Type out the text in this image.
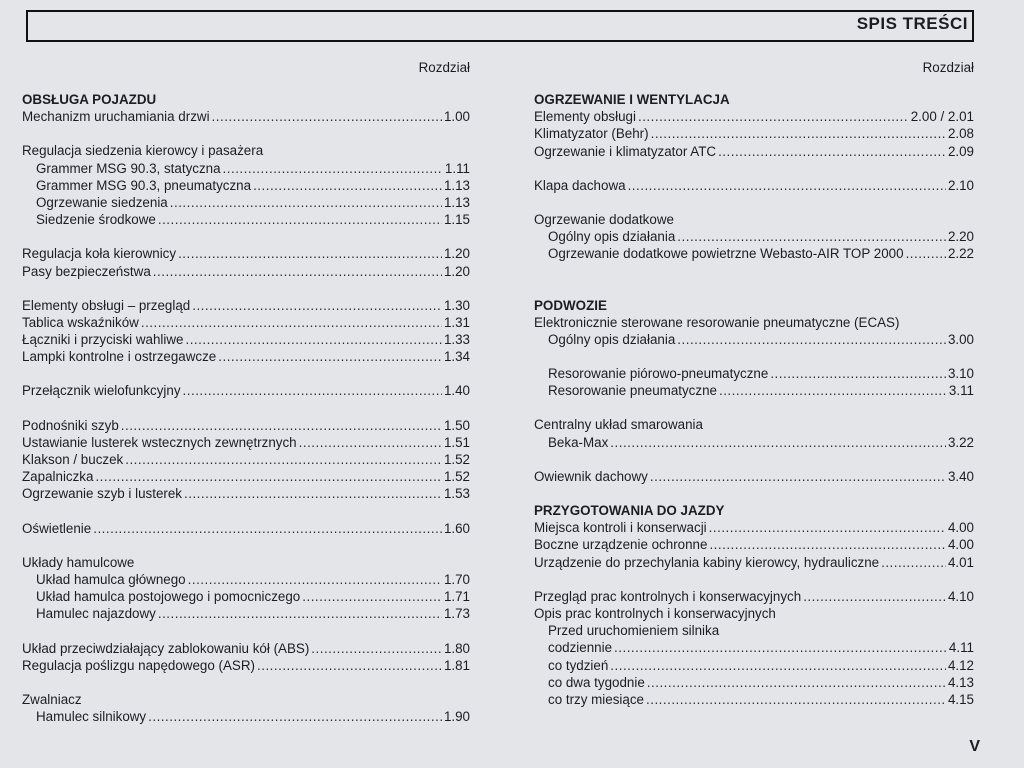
SPIS TREŚCI
Rozdział
OBSŁUGA POJAZDU
Mechanizm uruchamiania drzwi .....	1.00
Regulacja siedzenia kierowcy i pasażera
Grammer MSG 90.3, statyczna .....	1.11
Grammer MSG 90.3, pneumatyczna .....	1.13
Ogrzewanie siedzenia .....	1.13
Siedzenie środkowe .....	1.15
Regulacja koła kierownicy .....	1.20
Pasy bezpieczeństwa .....	1.20
Elementy obsługi – przegląd .....	1.30
Tablica wskaźników .....	1.31
Łączniki i przyciski wahliwe .....	1.33
Lampki kontrolne i ostrzegawcze .....	1.34
Przełącznik wielofunkcyjny .....	1.40
Podnośniki szyb .....	1.50
Ustawianie lusterek wstecznych zewnętrznych .....	1.51
Klakson / buczek .....	1.52
Zapalniczka .....	1.52
Ogrzewanie szyb i lusterek .....	1.53
Oświetlenie .....	1.60
Układy hamulcowe
Układ hamulca głównego .....	1.70
Układ hamulca postojowego i pomocniczego .....	1.71
Hamulec najazdowy .....	1.73
Układ przeciwdziałający zablokowaniu kół (ABS) .....	1.80
Regulacja poślizgu napędowego (ASR) .....	1.81
Zwalniacz
Hamulec silnikowy .....	1.90
Rozdział
OGRZEWANIE I WENTYLACJA
Elementy obsługi .....	2.00 / 2.01
Klimatyzator (Behr) .....	2.08
Ogrzewanie i klimatyzator ATC .....	2.09
Klapa dachowa .....	2.10
Ogrzewanie dodatkowe
Ogólny opis działania .....	2.20
Ogrzewanie dodatkowe powietrzne Webasto-AIR TOP 2000 .....	2.22
PODWOZIE
Elektronicznie sterowane resorowanie pneumatyczne (ECAS)
Ogólny opis działania .....	3.00
Resorowanie piórowo-pneumatyczne .....	3.10
Resorowanie pneumatyczne .....	3.11
Centralny układ smarowania
Beka-Max .....	3.22
Owiewnik dachowy .....	3.40
PRZYGOTOWANIA DO JAZDY
Miejsca kontroli i konserwacji .....	4.00
Boczne urządzenie ochronne .....	4.00
Urządzenie do przechylania kabiny kierowcy, hydrauliczne .....	4.01
Przegląd prac kontrolnych i konserwacyjnych .....	4.10
Opis prac kontrolnych i konserwacyjnych
Przed uruchomieniem silnika
codziennie .....	4.11
co tydzień .....	4.12
co dwa tygodnie .....	4.13
co trzy miesiące .....	4.15
V
